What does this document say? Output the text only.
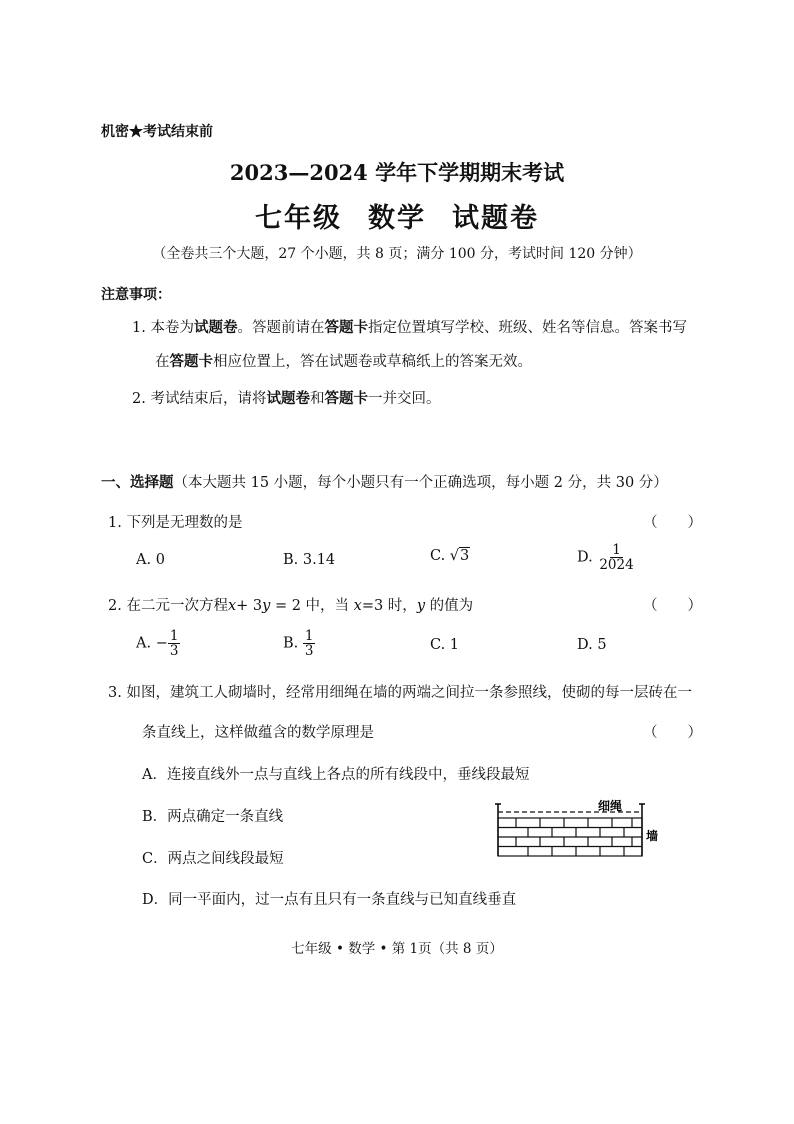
机密★考试结束前
2023—2024 学年下学期期末考试
七年级 数学 试题卷
（全卷共三个大题，27 个小题，共 8 页；满分 100 分，考试时间 120 分钟）
注意事项：
1. 本卷为试题卷。答题前请在答题卡指定位置填写学校、班级、姓名等信息。答案书写
在答题卡相应位置上，答在试题卷或草稿纸上的答案无效。
2. 考试结束后，请将试题卷和答题卡一并交回。
一、选择题（本大题共 15 小题，每个小题只有一个正确选项，每小题 2 分，共 30 分）
1. 下列是无理数的是	（）
A. 0	B. 3.14	C. √3	D. $\frac{1}{2024}$
2. 在二元一次方程x+ 3y = 2 中，当 x=3 时，y 的值为	（）
A. − $\frac{1}{3}$	B. $\frac{1}{3}$	C. 1	D. 5
3. 如图，建筑工人砌墙时，经常用细绳在墙的两端之间拉一条参照线，使砌的每一层砖在一
条直线上，这样做蕴含的数学原理是	（）
A．连接直线外一点与直线上各点的所有线段中，垂线段最短
B．两点确定一条直线
C．两点之间线段最短
D．同一平面内，过一点有且只有一条直线与已知直线垂直
细绳
墙
七年级 • 数学 • 第 1页（共 8 页）
